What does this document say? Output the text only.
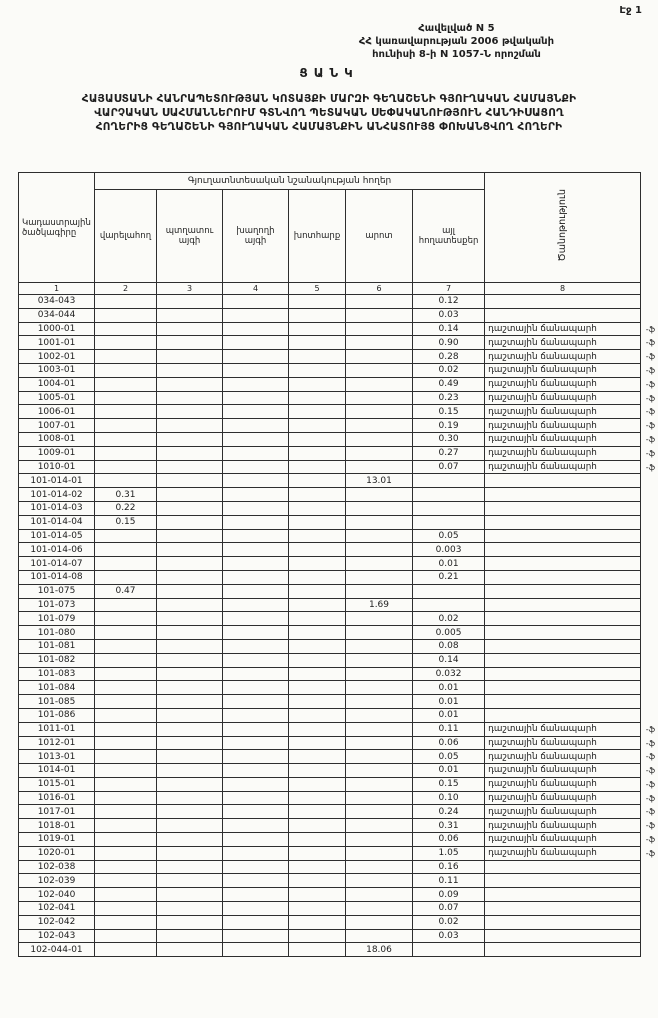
Էջ 1
Հավելված N 5
ՀՀ կառավարության 2006 թվականի
հունիսի 8-ի N 1057-Ն որոշման
ՑԱՆԿ
ՀԱՅԱՍՏԱՆԻ ՀԱՆՐԱՊԵՏՈՒԹՅԱՆ ԿՈՏԱՅՔԻ ՄԱՐԶԻ ԳԵՂԱՇԵՆԻ ԳՅՈՒՂԱԿԱՆ ՀԱՄԱՅՆՔԻ
ՎԱՐՉԱԿԱՆ ՍԱՀՄԱՆՆԵՐՈՒՄ ԳՏՆՎՈՂ ՊԵՏԱԿԱՆ ՍԵՓԱԿԱՆՈՒԹՅՈՒՆ ՀԱՆԴԻՍԱՑՈՂ
ՀՈՂԵՐԻՑ ԳԵՂԱՇԵՆԻ ԳՅՈՒՂԱԿԱՆ ՀԱՄԱՅՆՔԻՆ ԱՆՀԱՏՈՒՅՑ ՓՈԽԱՆՑՎՈՂ ՀՈՂԵՐԻ
Կադաստրային ծածկագիրը	Գյուղատնտեսական նշանակության հողեր						Ծանոթություն
	վարելահող	պտղատու այգի	խաղողի այգի	խոտհարք	արոտ	այլ հողատեսքեր	
1	2	3	4	5	6	7	8
034-043						0.12	
034-044						0.03	
1000-01						0.14	դաշտային ճանապարհ -ֆ

1001-01						0.90	դաշտային ճանապարհ -ֆ

1002-01						0.28	դաշտային ճանապարհ -ֆ

1003-01						0.02	դաշտային ճանապարհ -ֆ

1004-01						0.49	դաշտային ճանապարհ -ֆ

1005-01						0.23	դաշտային ճանապարհ -ֆ

1006-01						0.15	դաշտային ճանապարհ -ֆ

1007-01						0.19	դաշտային ճանապարհ -ֆ

1008-01						0.30	դաշտային ճանապարհ -ֆ

1009-01						0.27	դաշտային ճանապարհ -ֆ

1010-01						0.07	դաշտային ճանապարհ -ֆ

101-014-01					13.01		
101-014-02	0.31						
101-014-03	0.22						
101-014-04	0.15						
101-014-05						0.05	
101-014-06						0.003	
101-014-07						0.01	
101-014-08						0.21	
101-075	0.47						
101-073					1.69		
101-079						0.02	
101-080						0.005	
101-081						0.08	
101-082						0.14	
101-083						0.032	
101-084						0.01	
101-085						0.01	
101-086						0.01	
1011-01						0.11	դաշտային ճանապարհ -ֆ

1012-01						0.06	դաշտային ճանապարհ -ֆ

1013-01						0.05	դաշտային ճանապարհ -ֆ

1014-01						0.01	դաշտային ճանապարհ -ֆ

1015-01						0.15	դաշտային ճանապարհ -ֆ

1016-01						0.10	դաշտային ճանապարհ -ֆ

1017-01						0.24	դաշտային ճանապարհ -ֆ

1018-01						0.31	դաշտային ճանապարհ -ֆ

1019-01						0.06	դաշտային ճանապարհ -ֆ

1020-01						1.05	դաշտային ճանապարհ -ֆ

102-038						0.16	
102-039						0.11	
102-040						0.09	
102-041						0.07	
102-042						0.02	
102-043						0.03	
102-044-01					18.06		
